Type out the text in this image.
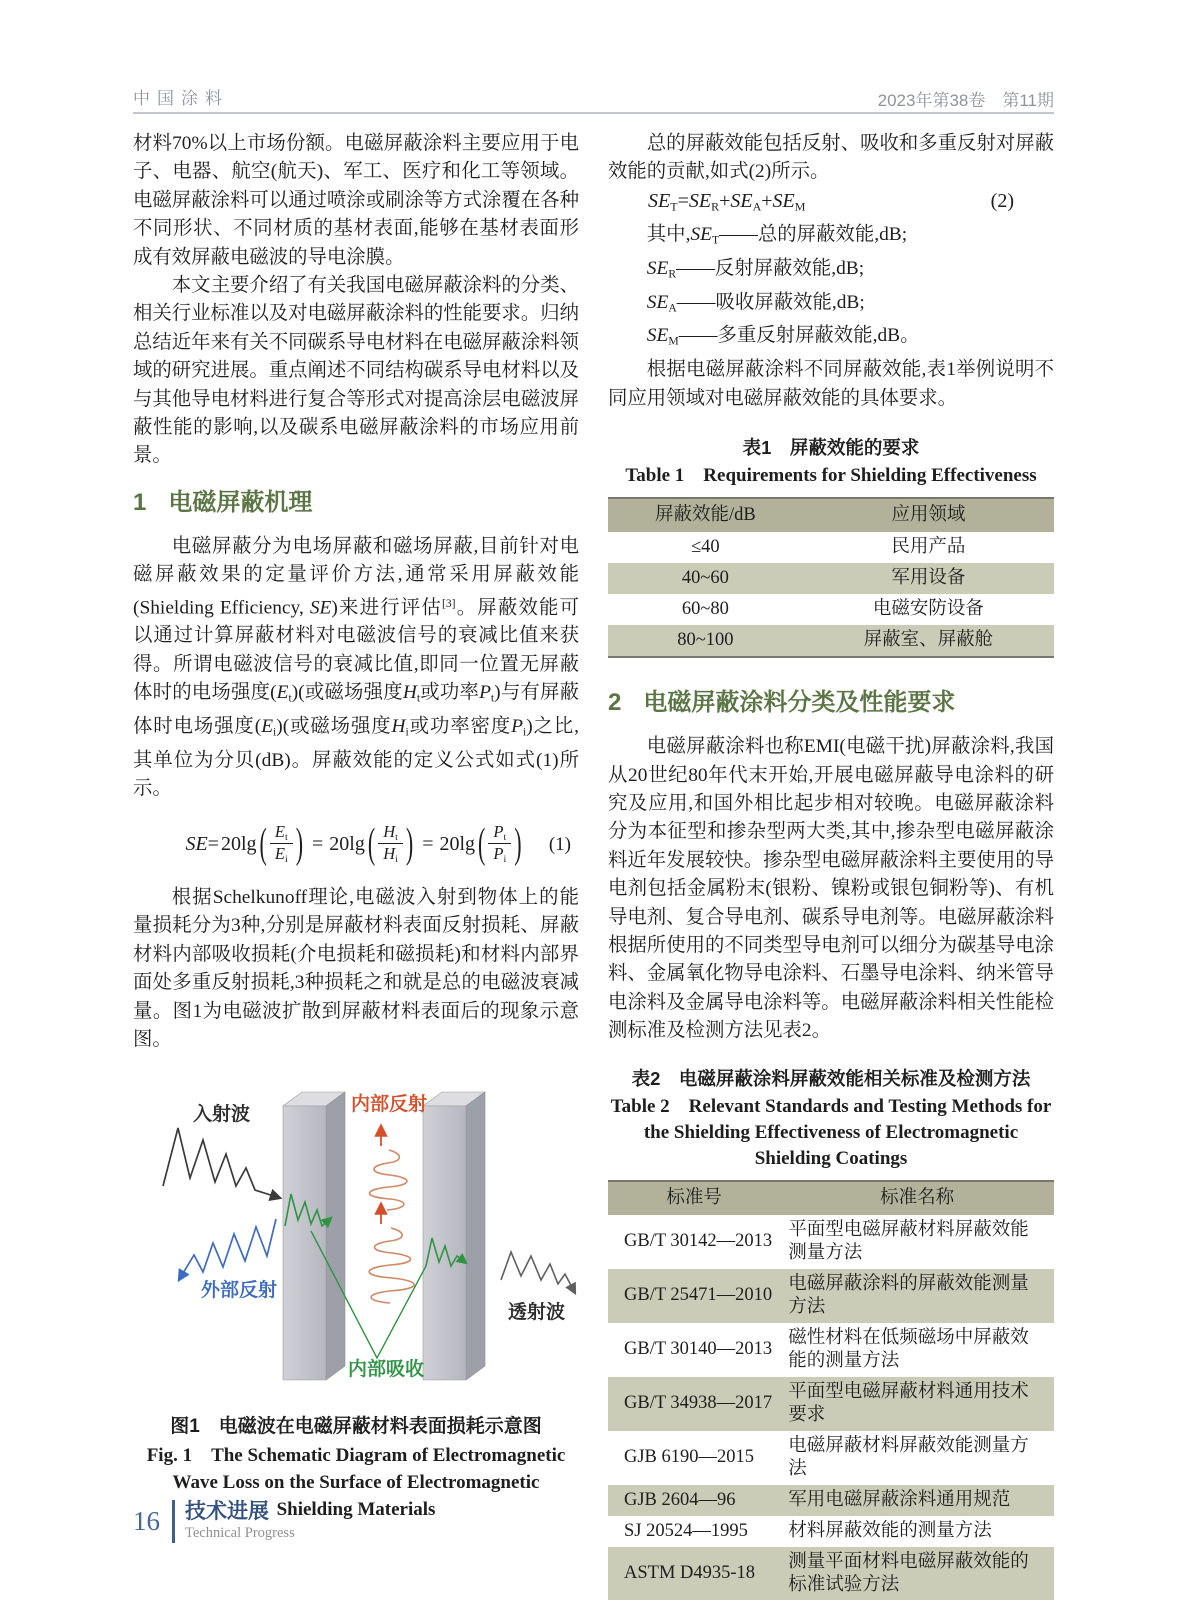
中国涂料	2023年第38卷　第11期

材料70%以上市场份额。电磁屏蔽涂料主要应用于电子、电器、航空(航天)、军工、医疗和化工等领域。电磁屏蔽涂料可以通过喷涂或刷涂等方式涂覆在各种不同形状、不同材质的基材表面,能够在基材表面形成有效屏蔽电磁波的导电涂膜。

本文主要介绍了有关我国电磁屏蔽涂料的分类、相关行业标准以及对电磁屏蔽涂料的性能要求。归纳总结近年来有关不同碳系导电材料在电磁屏蔽涂料领域的研究进展。重点阐述不同结构碳系导电材料以及与其他导电材料进行复合等形式对提高涂层电磁波屏蔽性能的影响,以及碳系电磁屏蔽涂料的市场应用前景。

1 电磁屏蔽机理

电磁屏蔽分为电场屏蔽和磁场屏蔽,目前针对电磁屏蔽效果的定量评价方法,通常采用屏蔽效能(Shielding Efficiency, SE)来进行评估[3]。屏蔽效能可以通过计算屏蔽材料对电磁波信号的衰减比值来获得。所谓电磁波信号的衰减比值,即同一位置无屏蔽体时的电场强度$(E_t)$(或磁场强度$H_t$或功率$P_t$)与有屏蔽体时电场强度$(E_i)$(或磁场强度$H_i$或功率密度$P_i$)之比,其单位为分贝(dB)。屏蔽效能的定义公式如式(1)所示。

SE= 20lg ( $\frac{E_t}{E_i}$ ) = 20lg ( $\frac{H_t}{H_i}$ ) = 20lg ( $\frac{P_t}{P_i}$ ) (1)

根据Schelkunoff理论,电磁波入射到物体上的能量损耗分为3种,分别是屏蔽材料表面反射损耗、屏蔽材料内部吸收损耗(介电损耗和磁损耗)和材料内部界面处多重反射损耗,3种损耗之和就是总的电磁波衰减量。图1为电磁波扩散到屏蔽材料表面后的现象示意图。

入射波	内部反射
外部反射
内部吸收
透射波
图1　电磁波在电磁屏蔽材料表面损耗示意图
Fig. 1　The Schematic Diagram of Electromagnetic Wave Loss on the Surface of Electromagnetic Shielding Materials

总的屏蔽效能包括反射、吸收和多重反射对屏蔽效能的贡献,如式(2)所示。

$SE_T=SE_R+SE_A+SE_M$	(2)
其中$,SE_T——$总的屏蔽效能,dB;
$SE_R——$反射屏蔽效能,dB;
$SE_A——$吸收屏蔽效能,dB;
$SE_M——$多重反射屏蔽效能,dB。

根据电磁屏蔽涂料不同屏蔽效能,表1举例说明不同应用领域对电磁屏蔽效能的具体要求。

表1　屏蔽效能的要求
Table 1　Requirements for Shielding Effectiveness
屏蔽效能/dB	应用领域
≤40	民用产品
40~60	军用设备
60~80	电磁安防设备
80~100	屏蔽室、屏蔽舱
2 电磁屏蔽涂料分类及性能要求

电磁屏蔽涂料也称EMI(电磁干扰)屏蔽涂料,我国从20世纪80年代末开始,开展电磁屏蔽导电涂料的研究及应用,和国外相比起步相对较晚。电磁屏蔽涂料分为本征型和掺杂型两大类,其中,掺杂型电磁屏蔽涂料近年发展较快。掺杂型电磁屏蔽涂料主要使用的导电剂包括金属粉末(银粉、镍粉或银包铜粉等)、有机导电剂、复合导电剂、碳系导电剂等。电磁屏蔽涂料根据所使用的不同类型导电剂可以细分为碳基导电涂料、金属氧化物导电涂料、石墨导电涂料、纳米管导电涂料及金属导电涂料等。电磁屏蔽涂料相关性能检测标准及检测方法见表2。

表2　电磁屏蔽涂料屏蔽效能相关标准及检测方法
Table 2　Relevant Standards and Testing Methods for the Shielding Effectiveness of Electromagnetic Shielding Coatings
标准号	标准名称
GB/T 30142—2013	平面型电磁屏蔽材料屏蔽效能测量方法
GB/T 25471—2010	电磁屏蔽涂料的屏蔽效能测量方法
GB/T 30140—2013	磁性材料在低频磁场中屏蔽效能的测量方法
GB/T 34938—2017	平面型电磁屏蔽材料通用技术要求
GJB 6190—2015	电磁屏蔽材料屏蔽效能测量方法
GJB 2604—96	军用电磁屏蔽涂料通用规范
SJ 20524—1995	材料屏蔽效能的测量方法
ASTM D4935-18	测量平面材料电磁屏蔽效能的标准试验方法
16 技术进展
Technical Progress
